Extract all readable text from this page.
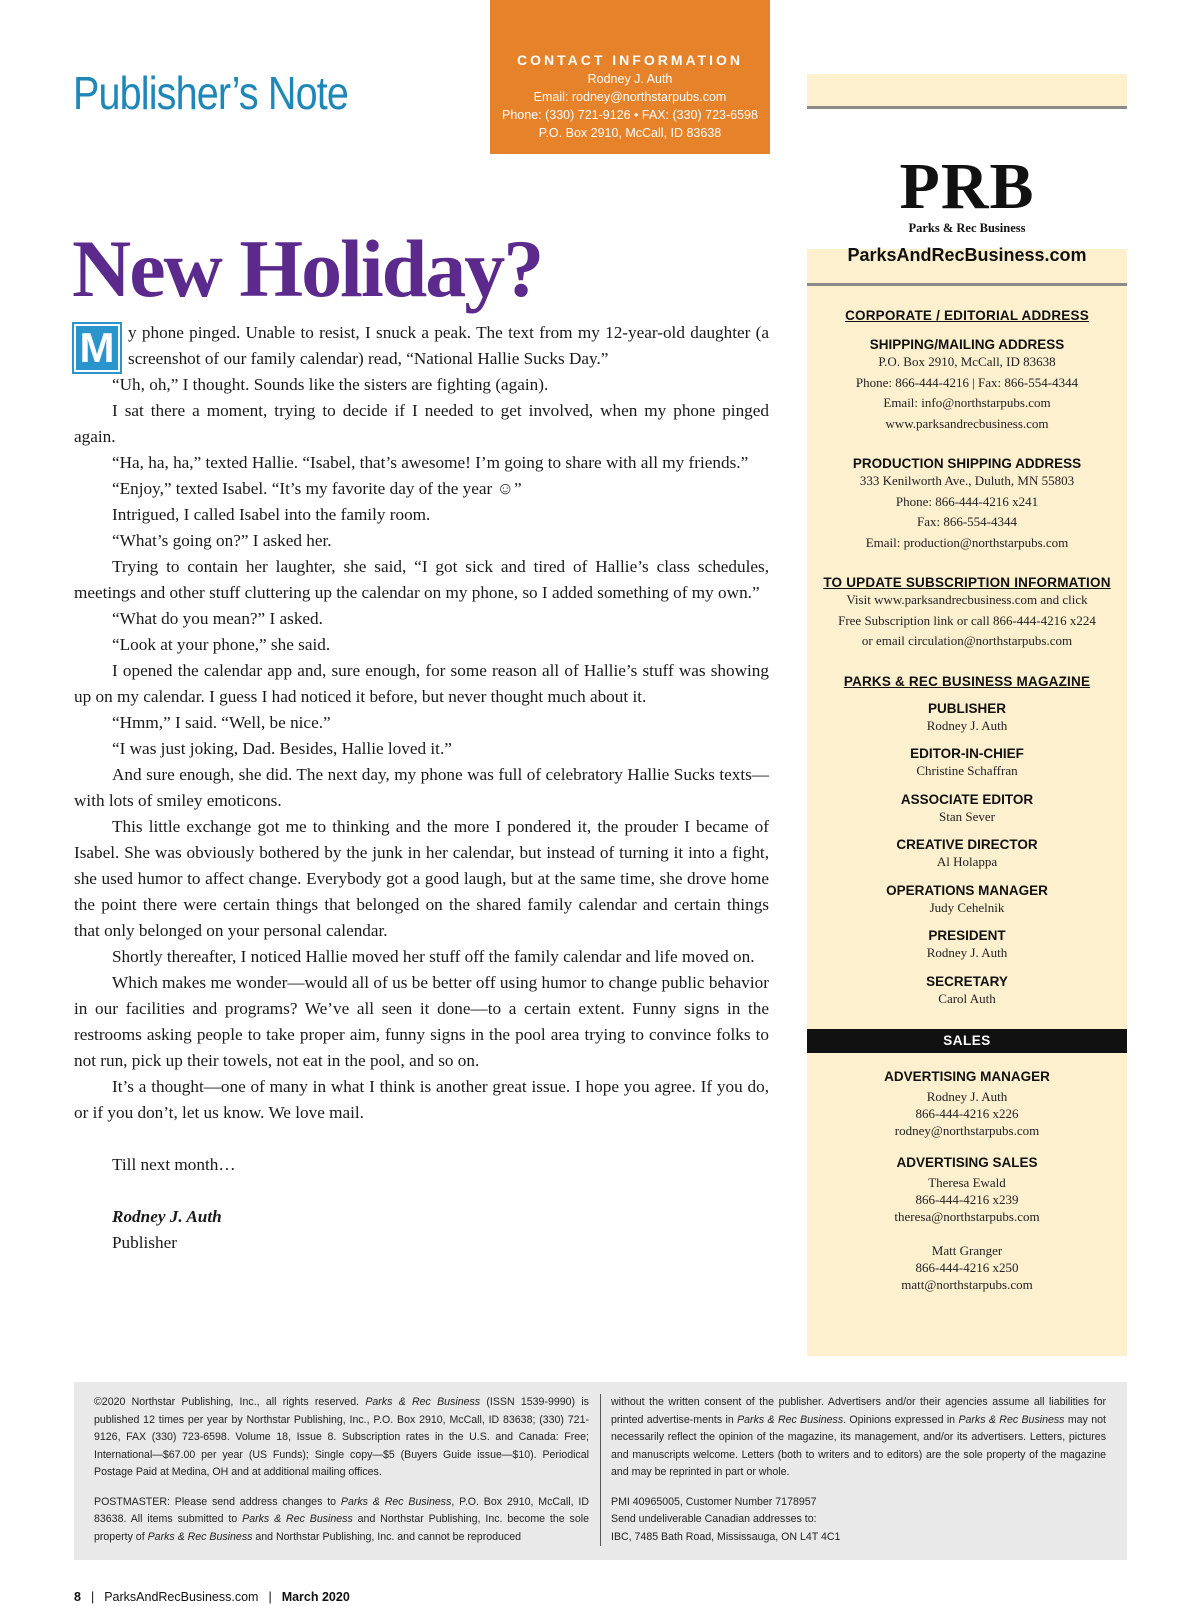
Publisher’s Note
CONTACT INFORMATION
Rodney J. Auth
Email: rodney@northstarpubs.com
Phone: (330) 721-9126 • FAX: (330) 723-6598
P.O. Box 2910, McCall, ID 83638
New Holiday?

M y phone pinged. Unable to resist, I snuck a peak. The text from my 12-year-old daughter (a screenshot of our family calendar) read, “National Hallie Sucks Day.”

“Uh, oh,” I thought. Sounds like the sisters are fighting (again).

I sat there a moment, trying to decide if I needed to get involved, when my phone pinged again.

“Ha, ha, ha,” texted Hallie. “Isabel, that’s awesome! I’m going to share with all my friends.”

“Enjoy,” texted Isabel. “It’s my favorite day of the year ☺”

Intrigued, I called Isabel into the family room.

“What’s going on?” I asked her.

Trying to contain her laughter, she said, “I got sick and tired of Hallie’s class schedules, meetings and other stuff cluttering up the calendar on my phone, so I added something of my own.”

“What do you mean?” I asked.

“Look at your phone,” she said.

I opened the calendar app and, sure enough, for some reason all of Hallie’s stuff was showing up on my calendar. I guess I had noticed it before, but never thought much about it.

“Hmm,” I said. “Well, be nice.”

“I was just joking, Dad. Besides, Hallie loved it.”

And sure enough, she did. The next day, my phone was full of celebratory Hallie Sucks texts—with lots of smiley emoticons.

This little exchange got me to thinking and the more I pondered it, the prouder I became of Isabel. She was obviously bothered by the junk in her calendar, but instead of turning it into a fight, she used humor to affect change. Everybody got a good laugh, but at the same time, she drove home the point there were certain things that belonged on the shared family calendar and certain things that only belonged on your personal calendar.

Shortly thereafter, I noticed Hallie moved her stuff off the family calendar and life moved on.

Which makes me wonder—would all of us be better off using humor to change public behavior in our facilities and programs? We’ve all seen it done—to a certain extent. Funny signs in the restrooms asking people to take proper aim, funny signs in the pool area trying to convince folks to not run, pick up their towels, not eat in the pool, and so on.

It’s a thought—one of many in what I think is another great issue. I hope you agree. If you do, or if you don’t, let us know. We love mail.

Till next month…

Rodney J. Auth

Publisher

PRB
Parks & Rec Business
ParksAndRecBusiness.com
CORPORATE / EDITORIAL ADDRESS
SHIPPING/MAILING ADDRESS
P.O. Box 2910, McCall, ID 83638
Phone: 866-444-4216 | Fax: 866-554-4344
Email: info@northstarpubs.com
www.parksandrecbusiness.com
PRODUCTION SHIPPING ADDRESS
333 Kenilworth Ave., Duluth, MN 55803
Phone: 866-444-4216 x241
Fax: 866-554-4344
Email: production@northstarpubs.com
TO UPDATE SUBSCRIPTION INFORMATION
Visit www.parksandrecbusiness.com and click
Free Subscription link or call 866-444-4216 x224
or email circulation@northstarpubs.com
PARKS & REC BUSINESS MAGAZINE
PUBLISHER
Rodney J. Auth
EDITOR-IN-CHIEF
Christine Schaffran
ASSOCIATE EDITOR
Stan Sever
CREATIVE DIRECTOR
Al Holappa
OPERATIONS MANAGER
Judy Cehelnik
PRESIDENT
Rodney J. Auth
SECRETARY
Carol Auth
SALES
ADVERTISING MANAGER
Rodney J. Auth
866-444-4216 x226
rodney@northstarpubs.com
ADVERTISING SALES
Theresa Ewald
866-444-4216 x239
theresa@northstarpubs.com
Matt Granger
866-444-4216 x250
matt@northstarpubs.com

©2020 Northstar Publishing, Inc., all rights reserved. Parks & Rec Business (ISSN 1539-9990) is published 12 times per year by Northstar Publishing, Inc., P.O. Box 2910, McCall, ID 83638; (330) 721-9126, FAX (330) 723-6598. Volume 18, Issue 8. Subscription rates in the U.S. and Canada: Free; International—$67.00 per year (US Funds); Single copy—$5 (Buyers Guide issue—$10). Periodical Postage Paid at Medina, OH and at additional mailing offices.

POSTMASTER: Please send address changes to Parks & Rec Business, P.O. Box 2910, McCall, ID 83638. All items submitted to Parks & Rec Business and Northstar Publishing, Inc. become the sole property of Parks & Rec Business and Northstar Publishing, Inc. and cannot be reproduced

without the written consent of the publisher. Advertisers and/or their agencies assume all liabilities for printed advertise-ments in Parks & Rec Business. Opinions expressed in Parks & Rec Business may not necessarily reflect the opinion of the magazine, its management, and/or its advertisers. Letters, pictures and manuscripts welcome. Letters (both to writers and to editors) are the sole property of the magazine and may be reprinted in part or whole.

PMI 40965005, Customer Number 7178957
Send undeliverable Canadian addresses to:
IBC, 7485 Bath Road, Mississauga, ON L4T 4C1

8 | ParksAndRecBusiness.com | March 2020
